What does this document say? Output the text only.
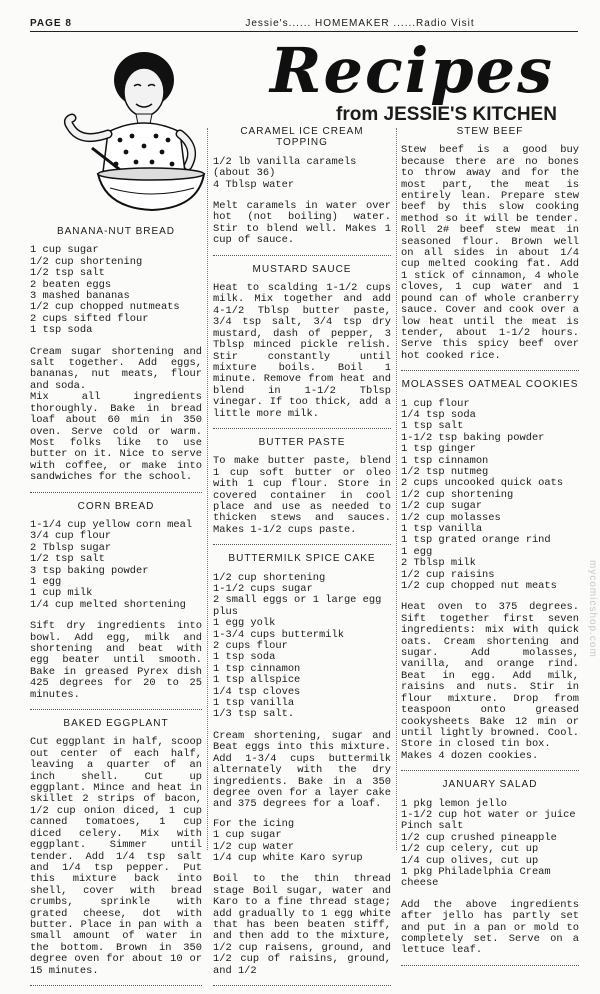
PAGE 8	Jessie's...... HOMEMAKER ......Radio Visit
Recipes
from JESSIE'S KITCHEN
BANANA-NUT BREAD

1 cup sugar

1/2 cup shortening

1/2 tsp salt

2 beaten eggs

3 mashed bananas

1/2 cup chopped nutmeats

2 cups sifted flour

1 tsp soda

Cream sugar shortening and salt together. Add eggs, bananas, nut meats, flour and soda.

Mix all ingredients thoroughly. Bake in bread loaf about 60 min in 350 oven. Serve cold or warm. Most folks like to use butter on it. Nice to serve with coffee, or make into sandwiches for the school.

CORN BREAD

1-1/4 cup yellow corn meal

3/4 cup flour

2 Tblsp sugar

1/2 tsp salt

3 tsp baking powder

1 egg

1 cup milk

1/4 cup melted shortening

Sift dry ingredients into bowl. Add egg, milk and shortening and beat with egg beater until smooth. Bake in greased Pyrex dish 425 degrees for 20 to 25 minutes.

BAKED EGGPLANT

Cut eggplant in half, scoop out center of each half, leaving a quarter of an inch shell. Cut up eggplant. Mince and heat in skillet 2 strips of bacon, 1/2 cup onion diced, 1 cup canned tomatoes, 1 cup diced celery. Mix with eggplant. Simmer until tender. Add 1/4 tsp salt and 1/4 tsp pepper. Put this mixture back into shell, cover with bread crumbs, sprinkle with grated cheese, dot with butter. Place in pan with a small amount of water in the bottom. Brown in 350 degree oven for about 10 or 15 minutes.

CARAMEL ICE CREAM TOPPING

1/2 lb vanilla caramels (about 36)

4 Tblsp water

Melt caramels in water over hot (not boiling) water. Stir to blend well. Makes 1 cup of sauce.

MUSTARD SAUCE

Heat to scalding 1-1/2 cups milk. Mix together and add 4-1/2 Tblsp butter paste, 3/4 tsp salt, 3/4 tsp dry mustard, dash of pepper, 3 Tblsp minced pickle relish. Stir constantly until mixture boils. Boil 1 minute. Remove from heat and blend in 1-1/2 Tblsp vinegar. If too thick, add a little more milk.

BUTTER PASTE

To make butter paste, blend 1 cup soft butter or oleo with 1 cup flour. Store in covered container in cool place and use as needed to thicken stews and sauces. Makes 1-1/2 cups paste.

BUTTERMILK SPICE CAKE

1/2 cup shortening

1-1/2 cups sugar

2 small eggs or 1 large egg plus

1 egg yolk

1-3/4 cups buttermilk

2 cups flour

1 tsp soda

1 tsp cinnamon

1 tsp allspice

1/4 tsp cloves

1 tsp vanilla

1/3 tsp salt.

Cream shortening, sugar and Beat eggs into this mixture. Add 1-3/4 cups buttermilk alternately with the dry ingredients. Bake in a 350 degree oven for a layer cake and 375 degrees for a loaf.

For the icing

1 cup sugar

1/2 cup water

1/4 cup white Karo syrup

Boil to the thin thread stage Boil sugar, water and Karo to a fine thread stage; add gradually to 1 egg white that has been beaten stiff, and then add to the mixture, 1/2 cup raisens, ground, and 1/2 cup of raisins, ground, and 1/2

STEW BEEF

Stew beef is a good buy because there are no bones to throw away and for the most part, the meat is entirely lean. Prepare stew beef by this slow cooking method so it will be tender. Roll 2# beef stew meat in seasoned flour. Brown well on all sides in about 1/4 cup melted cooking fat. Add 1 stick of cinnamon, 4 whole cloves, 1 cup water and 1 pound can of whole cranberry sauce. Cover and cook over a low heat until the meat is tender, about 1-1/2 hours. Serve this spicy beef over hot cooked rice.

MOLASSES OATMEAL COOKIES

1 cup flour

1/4 tsp soda

1 tsp salt

1-1/2 tsp baking powder

1 tsp ginger

1 tsp cinnamon

1/2 tsp nutmeg

2 cups uncooked quick oats

1/2 cup shortening

1/2 cup sugar

1/2 cup molasses

1 tsp vanilla

1 tsp grated orange rind

1 egg

2 Tblsp milk

1/2 cup raisins

1/2 cup chopped nut meats

Heat oven to 375 degrees. Sift together first seven ingredients: mix with quick oats. Cream shortening and sugar. Add molasses, vanilla, and orange rind. Beat in egg. Add milk, raisins and nuts. Stir in flour mixture. Drop from teaspoon onto greased cookysheets Bake 12 min or until lightly browned. Cool. Store in closed tin box.

Makes 4 dozen cookies.

JANUARY SALAD

1 pkg lemon jello

1-1/2 cup hot water or juice

Pinch salt

1/2 cup crushed pineapple

1/2 cup celery, cut up

1/4 cup olives, cut up

1 pkg Philadelphia Cream cheese

Add the above ingredients after jello has partly set and put in a pan or mold to completely set. Serve on a lettuce leaf.

mycomicshop.com
